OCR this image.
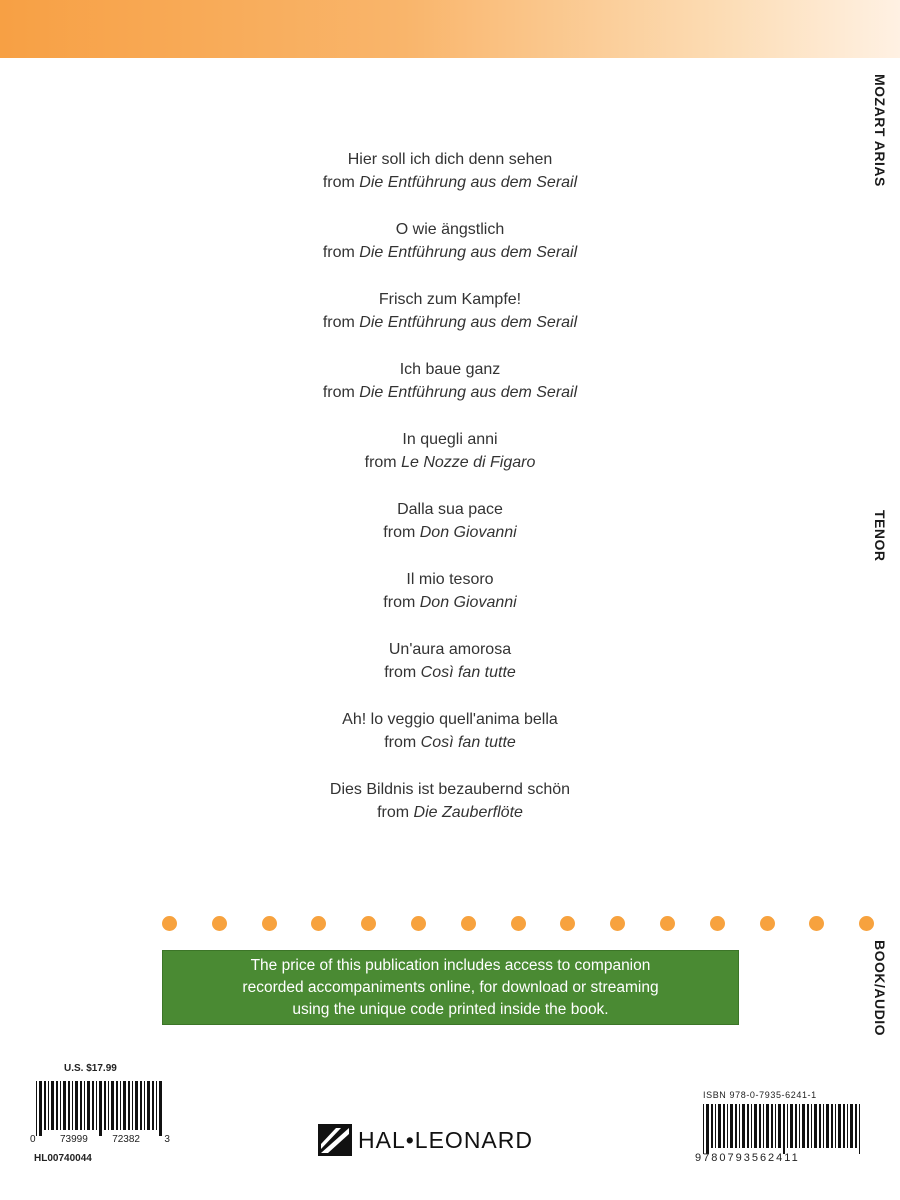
MOZART ARIAS
TENOR
BOOK/AUDIO
Hier soll ich dich denn sehen
from Die Entführung aus dem Serail
O wie ängstlich
from Die Entführung aus dem Serail
Frisch zum Kampfe!
from Die Entführung aus dem Serail
Ich baue ganz
from Die Entführung aus dem Serail
In quegli anni
from Le Nozze di Figaro
Dalla sua pace
from Don Giovanni
Il mio tesoro
from Don Giovanni
Un'aura amorosa
from Così fan tutte
Ah! lo veggio quell'anima bella
from Così fan tutte
Dies Bildnis ist bezaubernd schön
from Die Zauberflöte
The price of this publication includes access to companion
recorded accompaniments online, for download or streaming
using the unique code printed inside the book.
U.S. $17.99
0 73999 72382 3
HL00740044
HAL•LEONARD
ISBN 978-0-7935-6241-1
9780793562411
